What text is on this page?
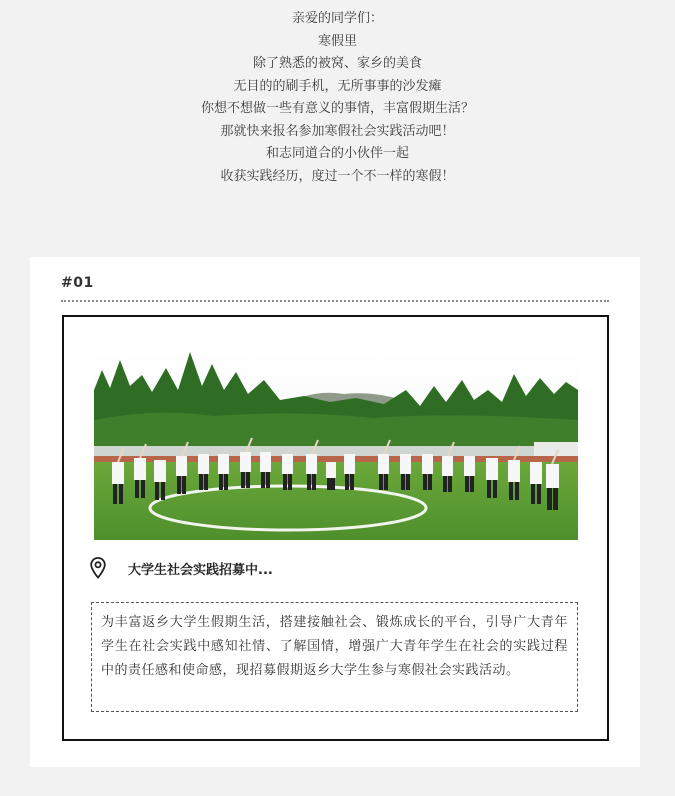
亲爱的同学们：

寒假里

除了熟悉的被窝、家乡的美食

无目的的刷手机，无所事事的沙发瘫

你想不想做一些有意义的事情，丰富假期生活？

那就快来报名参加寒假社会实践活动吧！

和志同道合的小伙伴一起

收获实践经历，度过一个不一样的寒假！

#01
大学生社会实践招募中...
为丰富返乡大学生假期生活，搭建接触社会、锻炼成长的平台，引导广大青年学生在社会实践中感知社情、了解国情，增强广大青年学生在社会的实践过程中的责任感和使命感，现招募假期返乡大学生参与寒假社会实践活动。
